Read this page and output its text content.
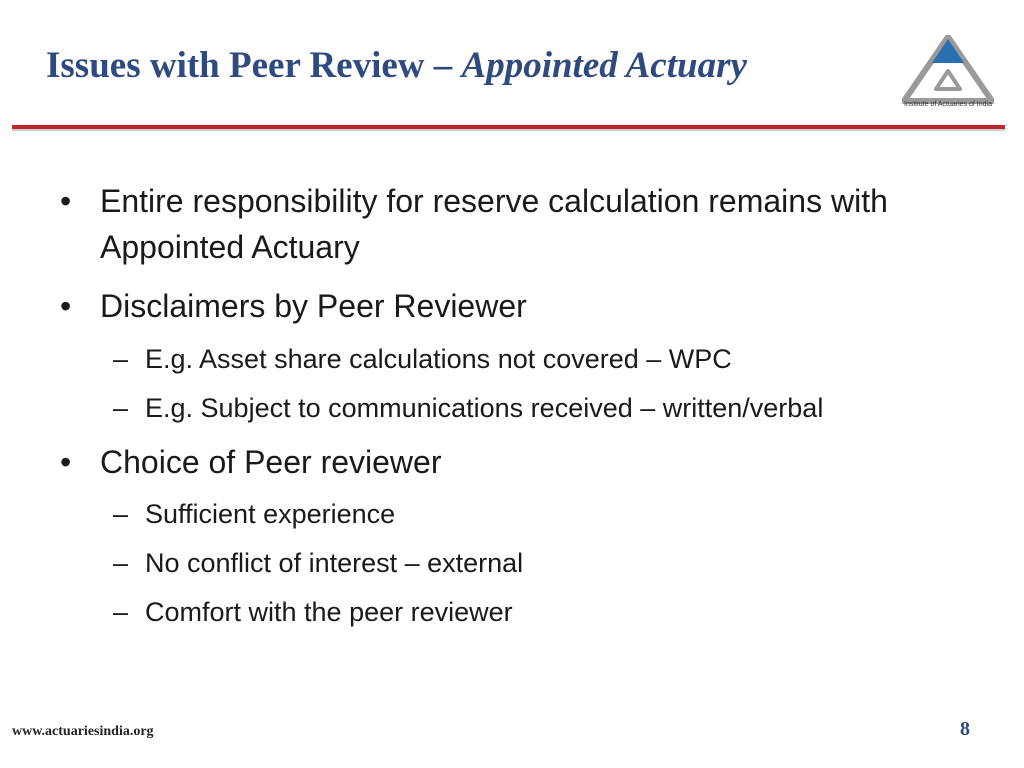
Issues with Peer Review – Appointed Actuary
Institute of Actuaries of India
• Entire responsibility for reserve calculation remains with Appointed Actuary
• Disclaimers by Peer Reviewer
– E.g. Asset share calculations not covered – WPC
– E.g. Subject to communications received – written/verbal
• Choice of Peer reviewer
– Sufficient experience
– No conflict of interest – external
– Comfort with the peer reviewer
www.actuariesindia.org	8
